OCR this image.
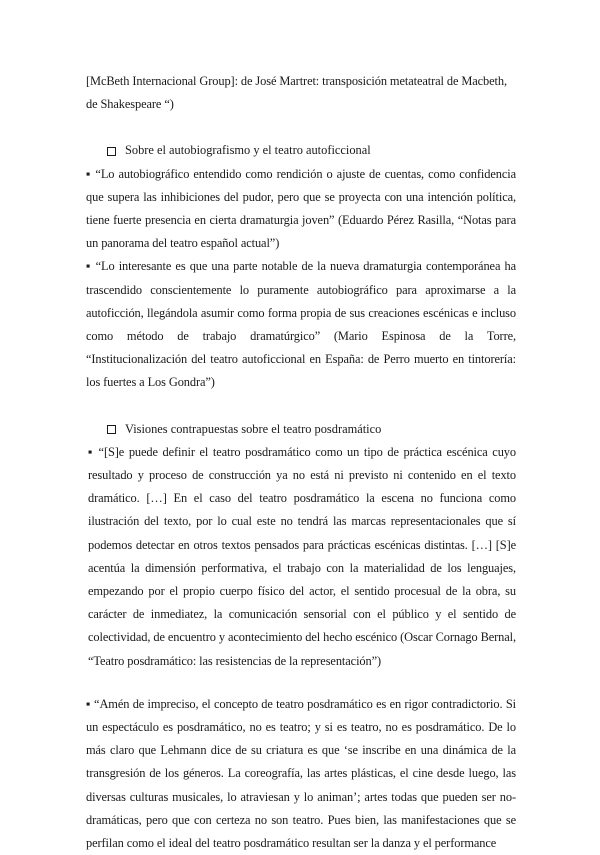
[McBeth Internacional Group]: de José Martret: transposición metateatral de Macbeth, de Shakespeare “)

Sobre el autobiografismo y el teatro autoficcional

▪ “Lo autobiográfico entendido como rendición o ajuste de cuentas, como confidencia que supera las inhibiciones del pudor, pero que se proyecta con una intención política, tiene fuerte presencia en cierta dramaturgia joven” (Eduardo Pérez Rasilla, “Notas para un panorama del teatro español actual”)

▪ “Lo interesante es que una parte notable de la nueva dramaturgia contemporánea ha trascendido conscientemente lo puramente autobiográfico para aproximarse a la autoficción, llegándola asumir como forma propia de sus creaciones escénicas e incluso como método de trabajo dramatúrgico” (Mario Espinosa de la Torre, “Institucionalización del teatro autoficcional en España: de Perro muerto en tintorería: los fuertes a Los Gondra”)

Visiones contrapuestas sobre el teatro posdramático

▪ “[S]e puede definir el teatro posdramático como un tipo de práctica escénica cuyo resultado y proceso de construcción ya no está ni previsto ni contenido en el texto dramático. […] En el caso del teatro posdramático la escena no funciona como ilustración del texto, por lo cual este no tendrá las marcas representacionales que sí podemos detectar en otros textos pensados para prácticas escénicas distintas. […] [S]e acentúa la dimensión performativa, el trabajo con la materialidad de los lenguajes, empezando por el propio cuerpo físico del actor, el sentido procesual de la obra, su carácter de inmediatez, la comunicación sensorial con el público y el sentido de colectividad, de encuentro y acontecimiento del hecho escénico (Oscar Cornago Bernal, “Teatro posdramático: las resistencias de la representación”)

▪ “Amén de impreciso, el concepto de teatro posdramático es en rigor contradictorio. Si un espectáculo es posdramático, no es teatro; y si es teatro, no es posdramático. De lo más claro que Lehmann dice de su criatura es que ‘se inscribe en una dinámica de la transgresión de los géneros. La coreografía, las artes plásticas, el cine desde luego, las diversas culturas musicales, lo atraviesan y lo animan’; artes todas que pueden ser no-dramáticas, pero que con certeza no son teatro. Pues bien, las manifestaciones que se perfilan como el ideal del teatro posdramático resultan ser la danza y el performance
